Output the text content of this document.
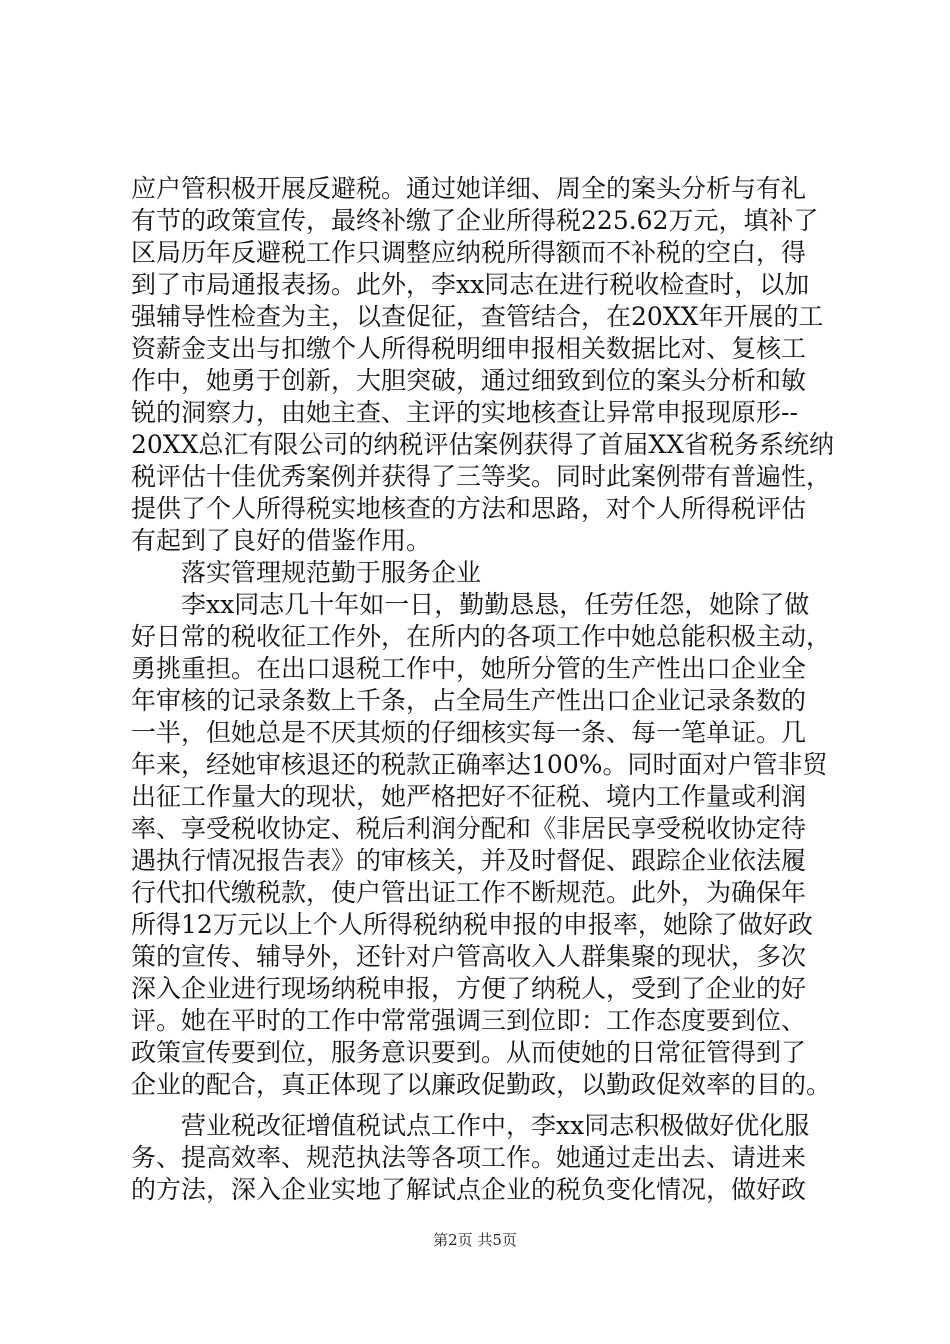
应户管积极开展反避税。通过她详细、周全的案头分析与有礼
有节的政策宣传，最终补缴了企业所得税225.62万元，填补了
区局历年反避税工作只调整应纳税所得额而不补税的空白，得
到了市局通报表扬。此外，李xx同志在进行税收检查时，以加
强辅导性检查为主，以查促征，查管结合，在20XX年开展的工
资薪金支出与扣缴个人所得税明细申报相关数据比对、复核工
作中，她勇于创新，大胆突破，通过细致到位的案头分析和敏
锐的洞察力，由她主查、主评的实地核查让异常申报现原形--
20XX总汇有限公司的纳税评估案例获得了首届XX省税务系统纳
税评估十佳优秀案例并获得了三等奖。同时此案例带有普遍性，
提供了个人所得税实地核查的方法和思路，对个人所得税评估
有起到了良好的借鉴作用。
　　落实管理规范勤于服务企业
　　李xx同志几十年如一日，勤勤恳恳，任劳任怨，她除了做
好日常的税收征工作外，在所内的各项工作中她总能积极主动，
勇挑重担。在出口退税工作中，她所分管的生产性出口企业全
年审核的记录条数上千条，占全局生产性出口企业记录条数的
一半，但她总是不厌其烦的仔细核实每一条、每一笔单证。几
年来，经她审核退还的税款正确率达100%。同时面对户管非贸
出征工作量大的现状，她严格把好不征税、境内工作量或利润
率、享受税收协定、税后利润分配和《非居民享受税收协定待
遇执行情况报告表》的审核关，并及时督促、跟踪企业依法履
行代扣代缴税款，使户管出证工作不断规范。此外，为确保年
所得12万元以上个人所得税纳税申报的申报率，她除了做好政
策的宣传、辅导外，还针对户管高收入人群集聚的现状，多次
深入企业进行现场纳税申报，方便了纳税人，受到了企业的好
评。她在平时的工作中常常强调三到位即：工作态度要到位、
政策宣传要到位，服务意识要到。从而使她的日常征管得到了
企业的配合，真正体现了以廉政促勤政，以勤政促效率的目的。
　　营业税改征增值税试点工作中，李xx同志积极做好优化服
务、提高效率、规范执法等各项工作。她通过走出去、请进来
的方法，深入企业实地了解试点企业的税负变化情况，做好政
第2页 共5页
